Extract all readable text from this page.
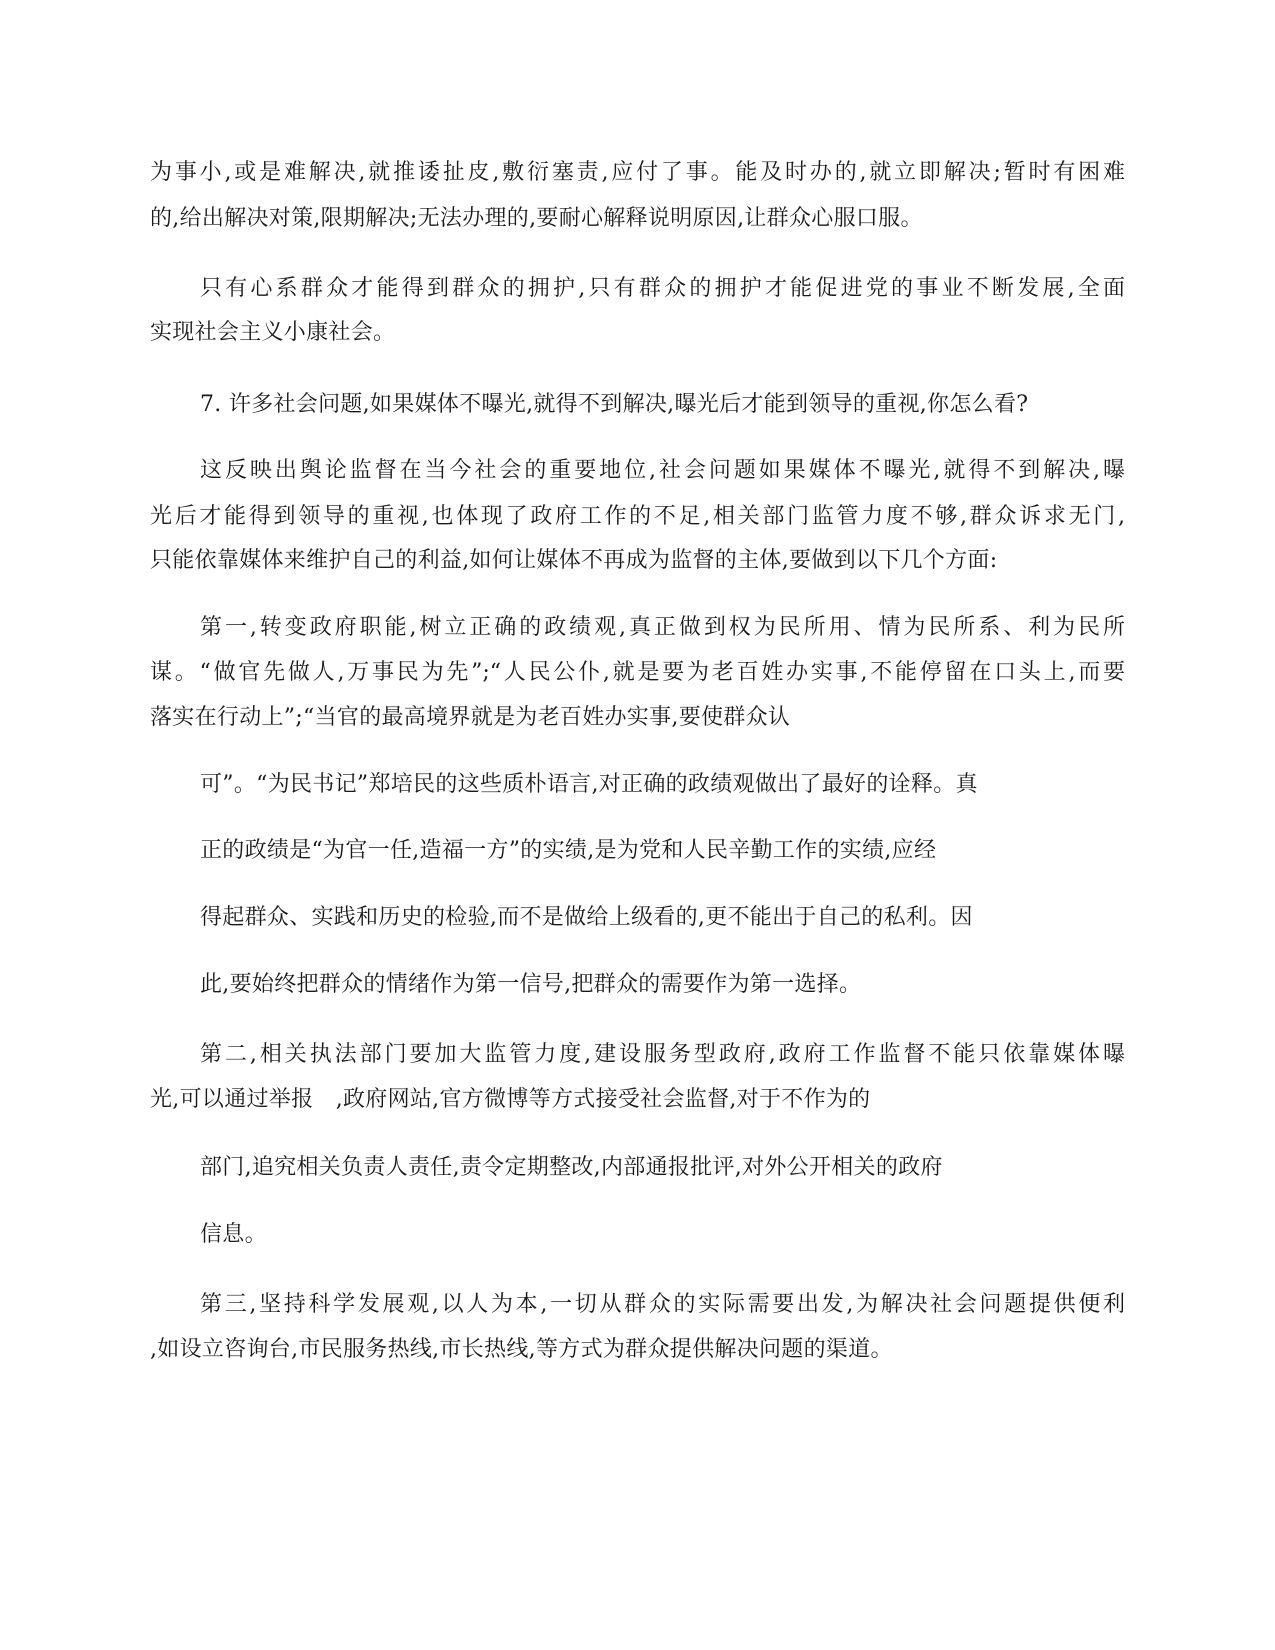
为事小,或是难解决,就推诿扯皮,敷衍塞责,应付了事。能及时办的,就立即解决;暂时有困难
的,给出解决对策,限期解决;无法办理的,要耐心解释说明原因,让群众心服口服。
只有心系群众才能得到群众的拥护,只有群众的拥护才能促进党的事业不断发展,全面
实现社会主义小康社会。
7. 许多社会问题,如果媒体不曝光,就得不到解决,曝光后才能到领导的重视,你怎么看?
这反映出舆论监督在当今社会的重要地位,社会问题如果媒体不曝光,就得不到解决,曝
光后才能得到领导的重视,也体现了政府工作的不足,相关部门监管力度不够,群众诉求无门,
只能依靠媒体来维护自己的利益,如何让媒体不再成为监督的主体,要做到以下几个方面:
第一,转变政府职能,树立正确的政绩观,真正做到权为民所用、情为民所系、利为民所
谋。“做官先做人,万事民为先”;“人民公仆,就是要为老百姓办实事,不能停留在口头上,而要
落实在行动上”;“当官的最高境界就是为老百姓办实事,要使群众认
可”。“为民书记”郑培民的这些质朴语言,对正确的政绩观做出了最好的诠释。真
正的政绩是“为官一任,造福一方”的实绩,是为党和人民辛勤工作的实绩,应经
得起群众、实践和历史的检验,而不是做给上级看的,更不能出于自己的私利。因
此,要始终把群众的情绪作为第一信号,把群众的需要作为第一选择。
第二,相关执法部门要加大监管力度,建设服务型政府,政府工作监督不能只依靠媒体曝
光,可以通过举报　,政府网站,官方微博等方式接受社会监督,对于不作为的
部门,追究相关负责人责任,责令定期整改,内部通报批评,对外公开相关的政府
信息。
第三,坚持科学发展观,以人为本,一切从群众的实际需要出发,为解决社会问题提供便利
,如设立咨询台,市民服务热线,市长热线,等方式为群众提供解决问题的渠道。
